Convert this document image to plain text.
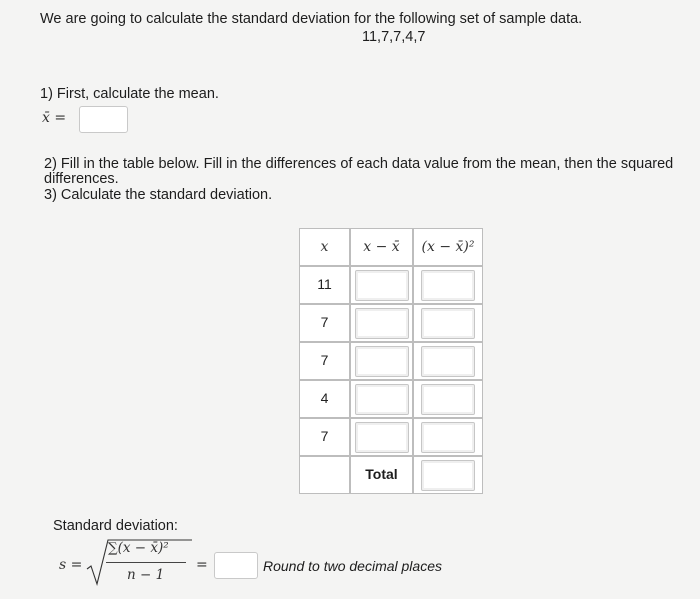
We are going to calculate the standard deviation for the following set of sample data.
11,7,7,4,7
1) First, calculate the mean.
x̄ =
2) Fill in the table below. Fill in the differences of each data value from the mean, then the squared
differences.
3) Calculate the standard deviation.
x	x − x̄	(x − x̄)²
11		
7		
7		
4		
7		
	Total	
Standard deviation:
s =
∑(x − x̄)²
n − 1
=	Round to two decimal places
